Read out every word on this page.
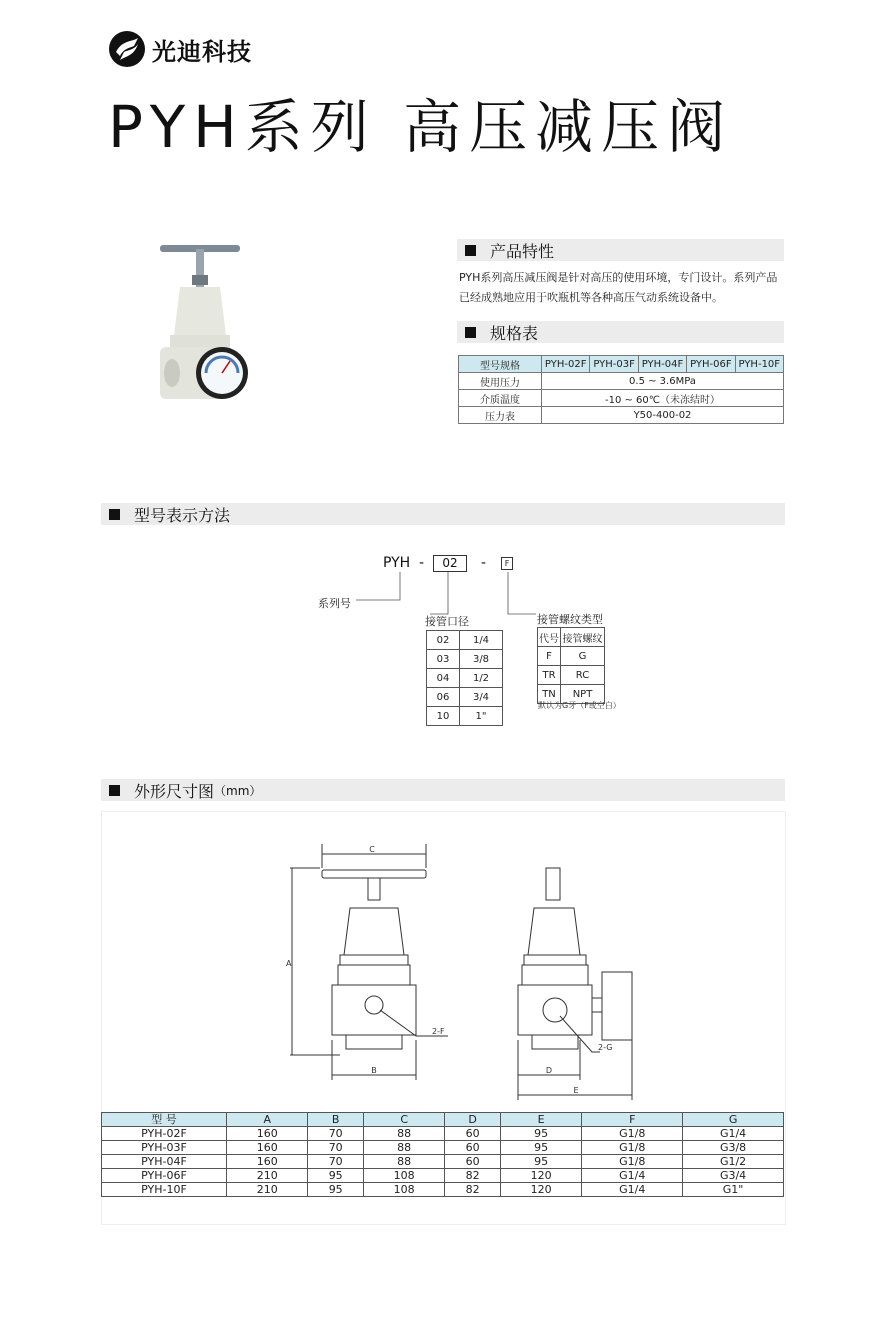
光迪科技
PYH系列 高压减压阀
产品特性
PYH系列高压减压阀是针对高压的使用环境，专门设计。系列产品已经成熟地应用于吹瓶机等各种高压气动系统设备中。
规格表
型号规格	PYH-02F	PYH-03F	PYH-04F	PYH-06F	PYH-10F
使用压力	0.5 ~ 3.6MPa				
介质温度	-10 ~ 60℃（未冻结时）				
压力表	Y50-400-02				
型号表示方法
PYH -	02	-	F
系列号
接管口径	接管螺纹类型
02	1/4
03	3/8
04	1/2
06	3/4
10	1"
代号	接管螺纹
F	G
TR	RC
TN	NPT
默认为G牙（F或空白）
外形尺寸图 （mm）
C
A
B
2-F
D
E
2-G
型 号	A	B	C	D	E	F	G
PYH-02F	160	70	88	60	95	G1/8	G1/4
PYH-03F	160	70	88	60	95	G1/8	G3/8
PYH-04F	160	70	88	60	95	G1/8	G1/2
PYH-06F	210	95	108	82	120	G1/4	G3/4
PYH-10F	210	95	108	82	120	G1/4	G1"
